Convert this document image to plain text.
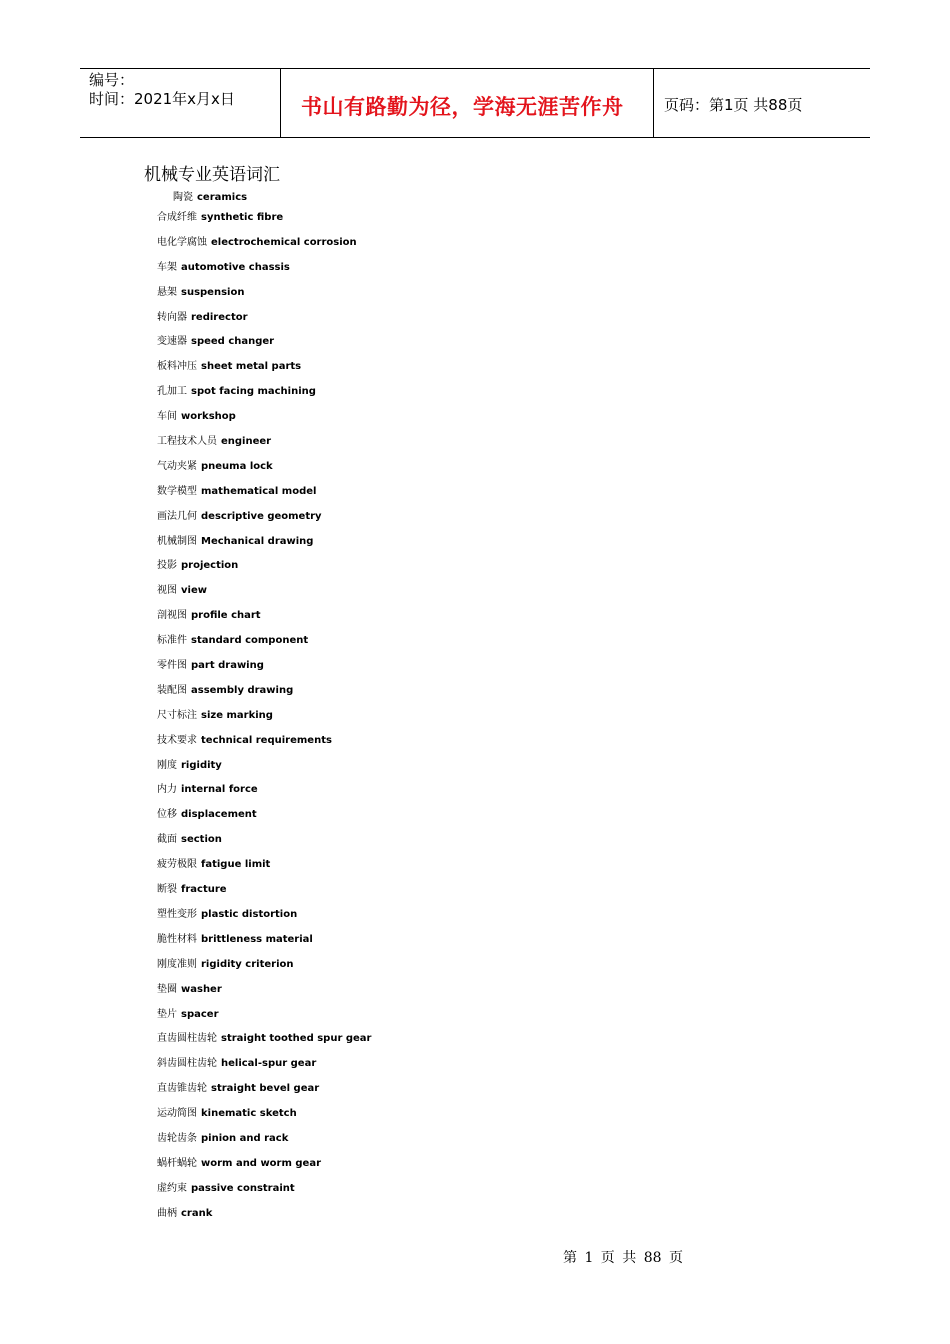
编号：
时间：2021年x月x日	书山有路勤为径，学海无涯苦作舟	页码：第1页 共88页
机械专业英语词汇
陶瓷 ceramics
合成纤维 synthetic fibre
电化学腐蚀 electrochemical corrosion
车架 automotive chassis
悬架 suspension
转向器 redirector
变速器 speed changer
板料冲压 sheet metal parts
孔加工 spot facing machining
车间 workshop
工程技术人员 engineer
气动夹紧 pneuma lock
数学模型 mathematical model
画法几何 descriptive geometry
机械制图 Mechanical drawing
投影 projection
视图 view
剖视图 profile chart
标准件 standard component
零件图 part drawing
装配图 assembly drawing
尺寸标注 size marking
技术要求 technical requirements
刚度 rigidity
内力 internal force
位移 displacement
截面 section
疲劳极限 fatigue limit
断裂 fracture
塑性变形 plastic distortion
脆性材料 brittleness material
刚度准则 rigidity criterion
垫圈 washer
垫片 spacer
直齿圆柱齿轮 straight toothed spur gear
斜齿圆柱齿轮 helical-spur gear
直齿锥齿轮 straight bevel gear
运动简图 kinematic sketch
齿轮齿条 pinion and rack
蜗杆蜗轮 worm and worm gear
虚约束 passive constraint
曲柄 crank
第 1 页 共 88 页
